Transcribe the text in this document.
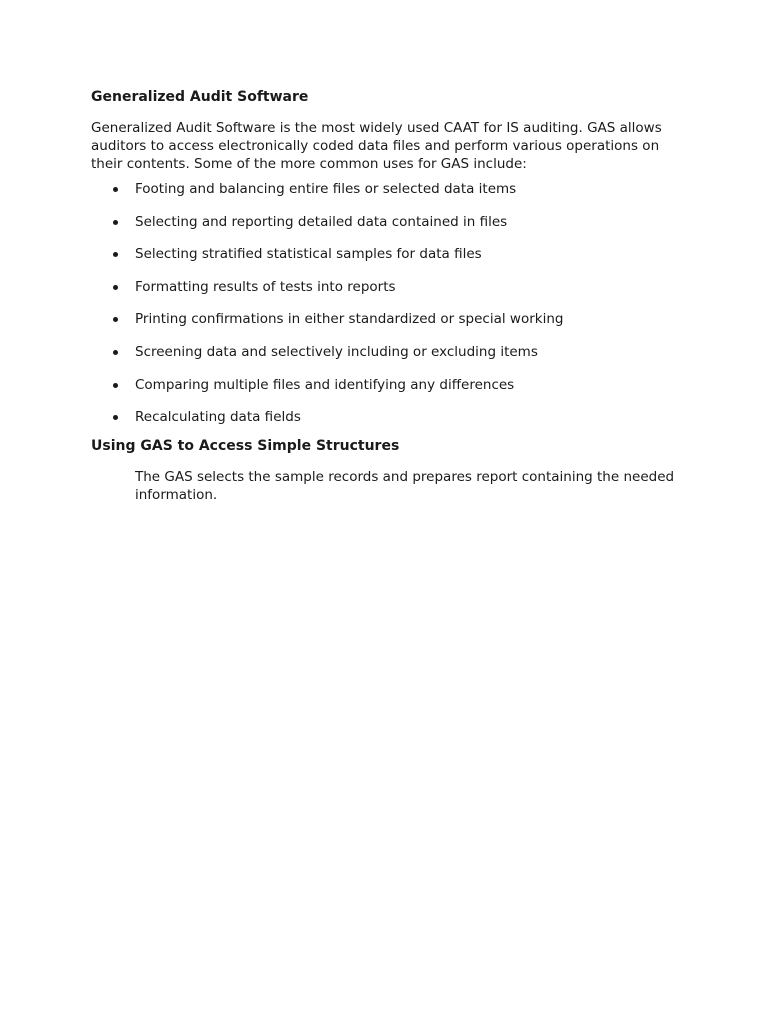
Generalized Audit Software

Generalized Audit Software is the most widely used CAAT for IS auditing. GAS allows auditors to access electronically coded data files and perform various operations on their contents. Some of the more common uses for GAS include:

Footing and balancing entire files or selected data items
Selecting and reporting detailed data contained in files
Selecting stratified statistical samples for data files
Formatting results of tests into reports
Printing confirmations in either standardized or special working
Screening data and selectively including or excluding items
Comparing multiple files and identifying any differences
Recalculating data fields
Using GAS to Access Simple Structures

The GAS selects the sample records and prepares report containing the needed information.
